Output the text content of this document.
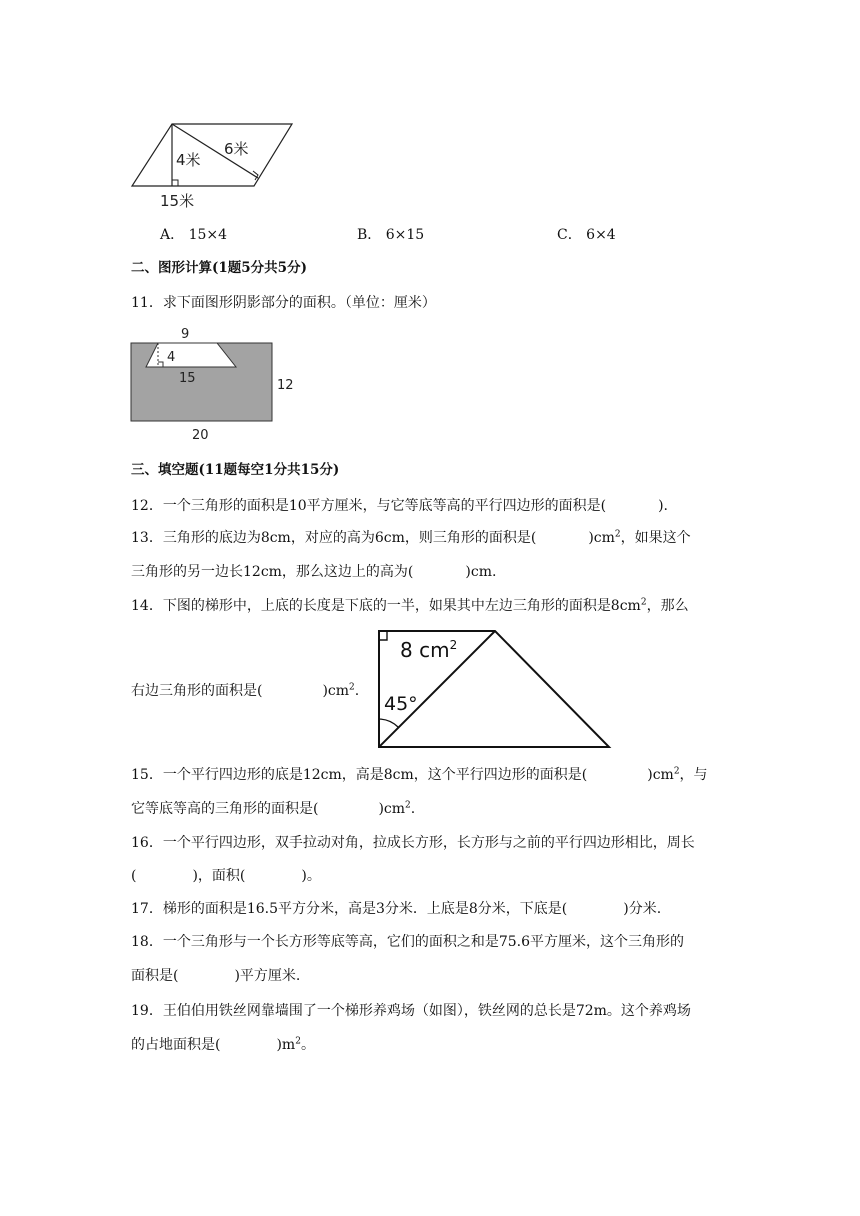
6米
4米
15米
A． 15×4	B． 6×15	C． 6×4
二、图形计算(1题5分共5分)
11．求下面图形阴影部分的面积。（单位：厘米）
9
4
15	12
20
三、填空题(11题每空1分共15分)
12．一个三角形的面积是10平方厘米，与它等底等高的平行四边形的面积是(	).
13．三角形的底边为8cm，对应的高为6cm，则三角形的面积是(	)$cm^2$，如果这个
三角形的另一边长12cm，那么这边上的高为(	)cm.
14．下图的梯形中，上底的长度是下底的一半，如果其中左边三角形的面积是$8cm^2$，那么
8 $cm^2$
45°
右边三角形的面积是(	)$cm^2$.
15．一个平行四边形的底是12cm，高是8cm，这个平行四边形的面积是(	)$cm^2$，与
它等底等高的三角形的面积是(	)$cm^2$.
16．一个平行四边形，双手拉动对角，拉成长方形，长方形与之前的平行四边形相比，周长
(	)，面积(	)。
17．梯形的面积是16.5平方分米，高是3分米．上底是8分米，下底是(	)分米.
18．一个三角形与一个长方形等底等高，它们的面积之和是75.6平方厘米，这个三角形的
面积是(	)平方厘米.
19．王伯伯用铁丝网靠墙围了一个梯形养鸡场（如图），铁丝网的总长是72m。这个养鸡场
的占地面积是(	)$m^2$。
